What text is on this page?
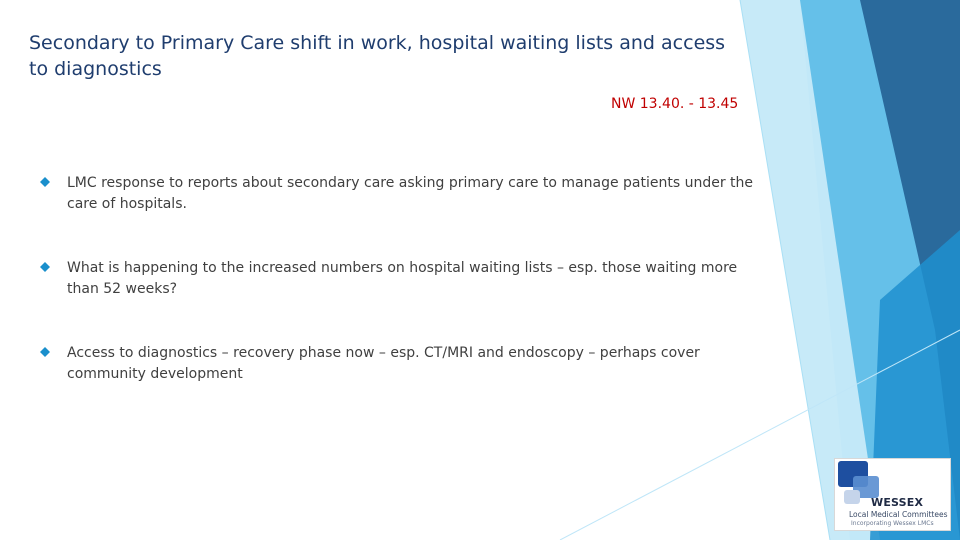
Secondary to Primary Care shift in work, hospital waiting lists and access to diagnostics
NW 13.40. - 13.45
LMC response to reports about secondary care asking primary care to manage patients under the care of hospitals.
What is happening to the increased numbers on hospital waiting lists – esp. those waiting more than 52 weeks?
Access to diagnostics – recovery phase now – esp. CT/MRI and endoscopy – perhaps cover community development
WESSEX
Local Medical Committees
Incorporating Wessex LMCs
